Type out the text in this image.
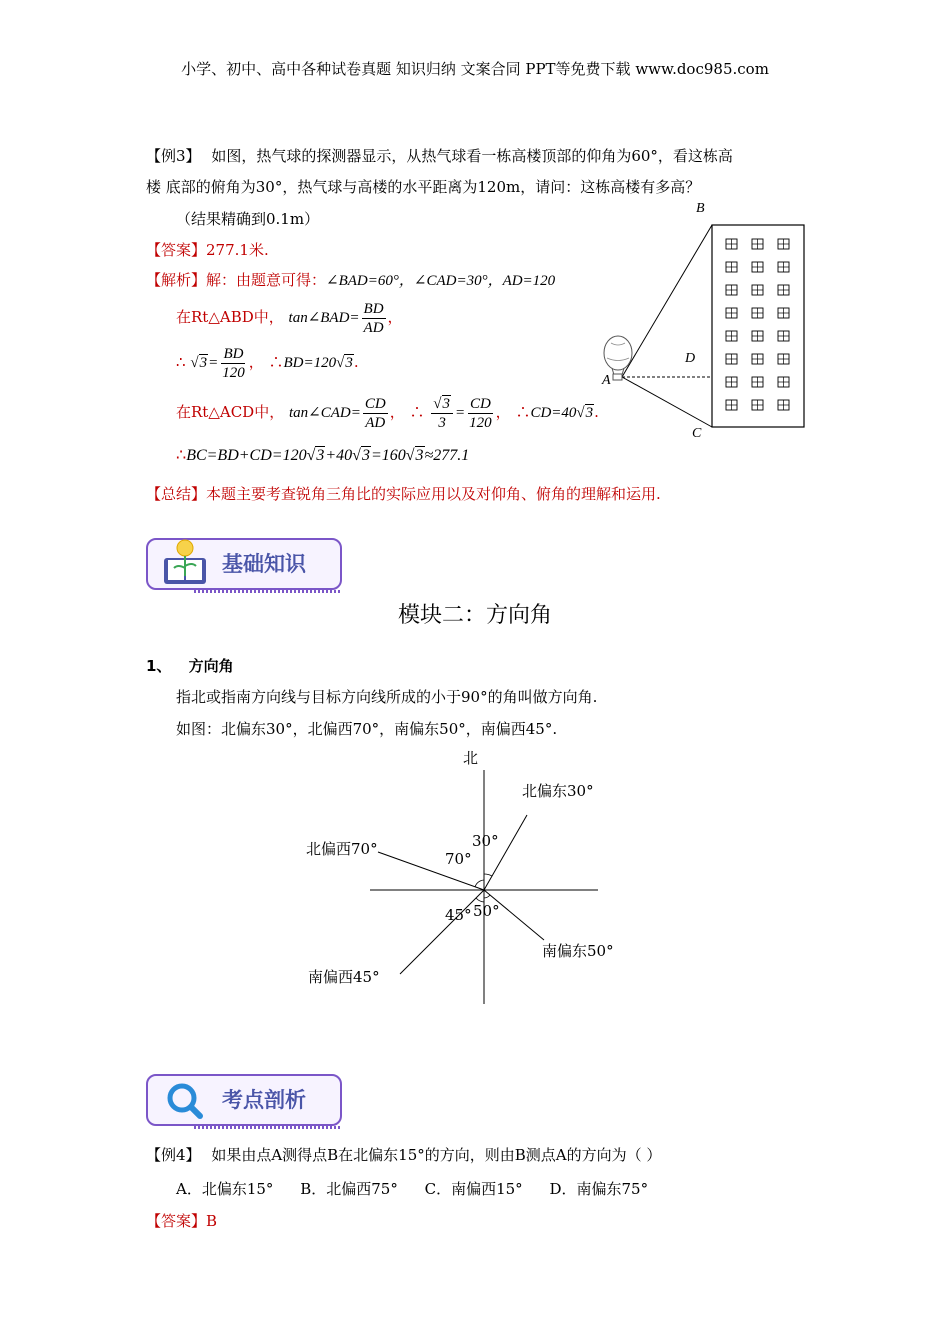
小学、初中、高中各种试卷真题 知识归纳 文案合同 PPT等免费下载 www.doc985.com
【例3】 如图，热气球的探测器显示，从热气球看一栋高楼顶部的仰角为60°，看这栋高
楼 底部的俯角为30°，热气球与高楼的水平距离为120m，请问：这栋高楼有多高？
（结果精确到0.1m）
【答案】277.1米.
【解析】解：由题意可得：∠BAD=60°，∠CAD=30°，AD=120
在Rt△ABD中， tan∠BAD= $\frac{BD}{AD}$ ，
∴ $√3= \frac{BD}{120}$ ， ∴BD=120√3.
在Rt△ACD中， tan∠CAD= $\frac{CD}{AD}$ ， ∴ $\frac{√3}{3} = \frac{CD}{120}$ ， ∴CD=40√3.
∴BC=BD+CD=120√3+40√3=160√3≈277.1
【总结】本题主要考查锐角三角比的实际应用以及对仰角、俯角的理解和运用.
B
D
A
C
基础知识
模块二：方向角
1、 方向角
指北或指南方向线与目标方向线所成的小于90°的角叫做方向角.
如图：北偏东30°，北偏西70°，南偏东50°，南偏西45°.
北
北偏东30°
北偏西70°
南偏东50°
南偏西45°
30°
70°
45° 50°
考点剖析
【例4】 如果由点A测得点B在北偏东15°的方向，则由B测点A的方向为（ ）
A．北偏东15° B．北偏西75° C．南偏西15° D．南偏东75°
【答案】B
